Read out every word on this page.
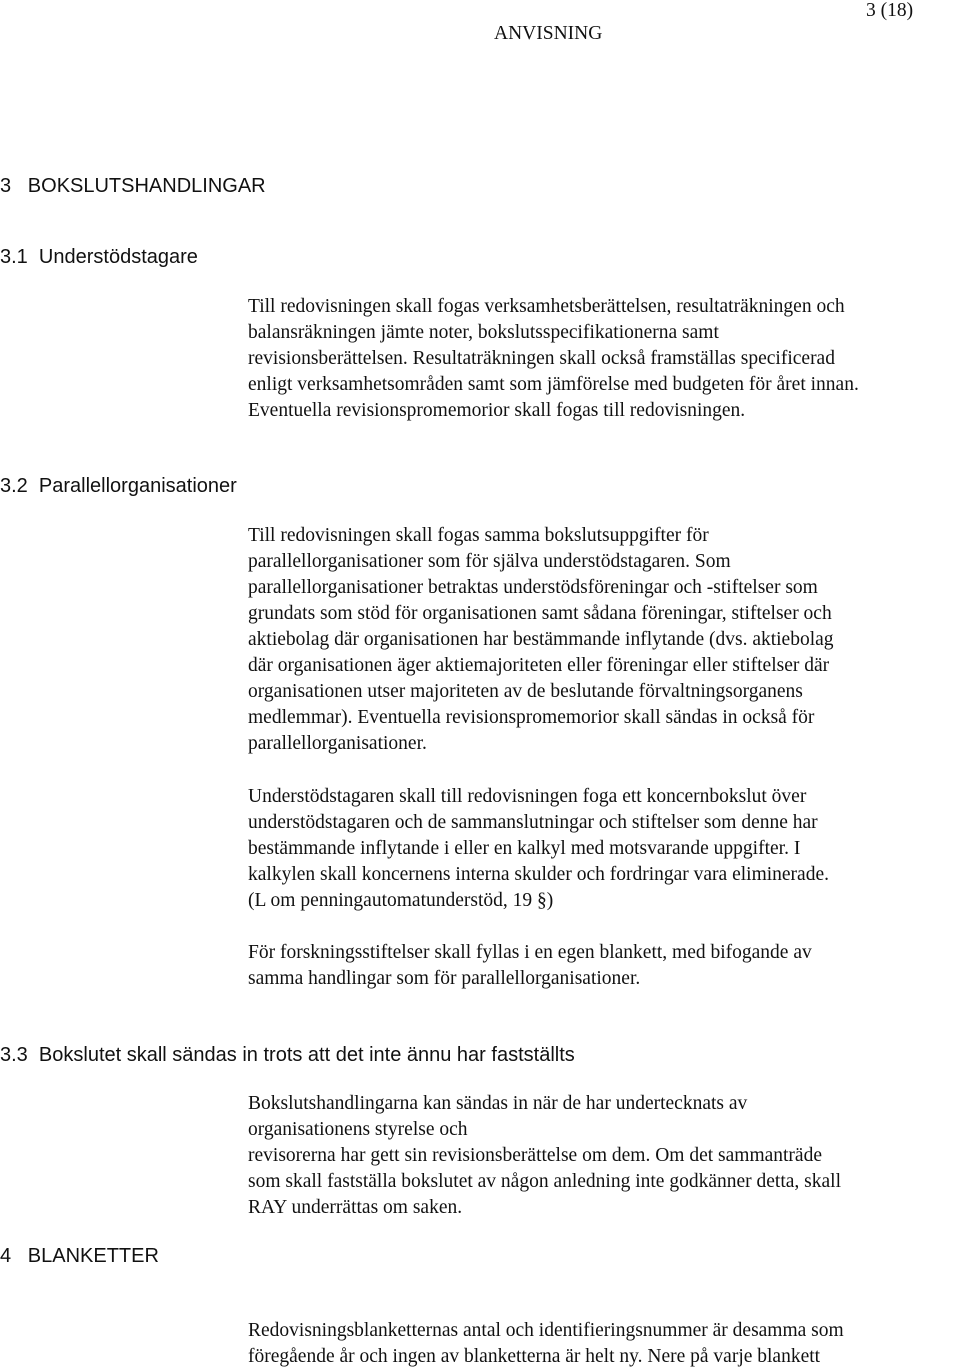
3 (18)
ANVISNING
3   BOKSLUTSHANDLINGAR
3.1  Understödstagare
Till redovisningen skall fogas verksamhetsberättelsen, resultaträkningen och
balansräkningen jämte noter, bokslutsspecifikationerna samt
revisionsberättelsen. Resultaträkningen skall också framställas specificerad
enligt verksamhetsområden samt som jämförelse med budgeten för året innan.
Eventuella revisionspromemorior skall fogas till redovisningen.
3.2  Parallellorganisationer
Till redovisningen skall fogas samma bokslutsuppgifter för
parallellorganisationer som för själva understödstagaren. Som
parallellorganisationer betraktas understödsföreningar och -stiftelser som
grundats som stöd för organisationen samt sådana föreningar, stiftelser och
aktiebolag där organisationen har bestämmande inflytande (dvs. aktiebolag
där organisationen äger aktiemajoriteten eller föreningar eller stiftelser där
organisationen utser majoriteten av de beslutande förvaltningsorganens
medlemmar). Eventuella revisionspromemorior skall sändas in också för
parallellorganisationer.
Understödstagaren skall till redovisningen foga ett koncernbokslut över
understödstagaren och de sammanslutningar och stiftelser som denne har
bestämmande inflytande i eller en kalkyl med motsvarande uppgifter. I
kalkylen skall koncernens interna skulder och fordringar vara eliminerade.
(L om penningautomatunderstöd, 19 §)
För forskningsstiftelser skall fyllas i en egen blankett, med bifogande av
samma handlingar som för parallellorganisationer.
3.3  Bokslutet skall sändas in trots att det inte ännu har fastställts
Bokslutshandlingarna kan sändas in när de har undertecknats av
organisationens styrelse och
revisorerna har gett sin revisionsberättelse om dem. Om det sammanträde
som skall fastställa bokslutet av någon anledning inte godkänner detta, skall
RAY underrättas om saken.
4   BLANKETTER
Redovisningsblanketternas antal och identifieringsnummer är desamma som
föregående år och ingen av blanketterna är helt ny. Nere på varje blankett
